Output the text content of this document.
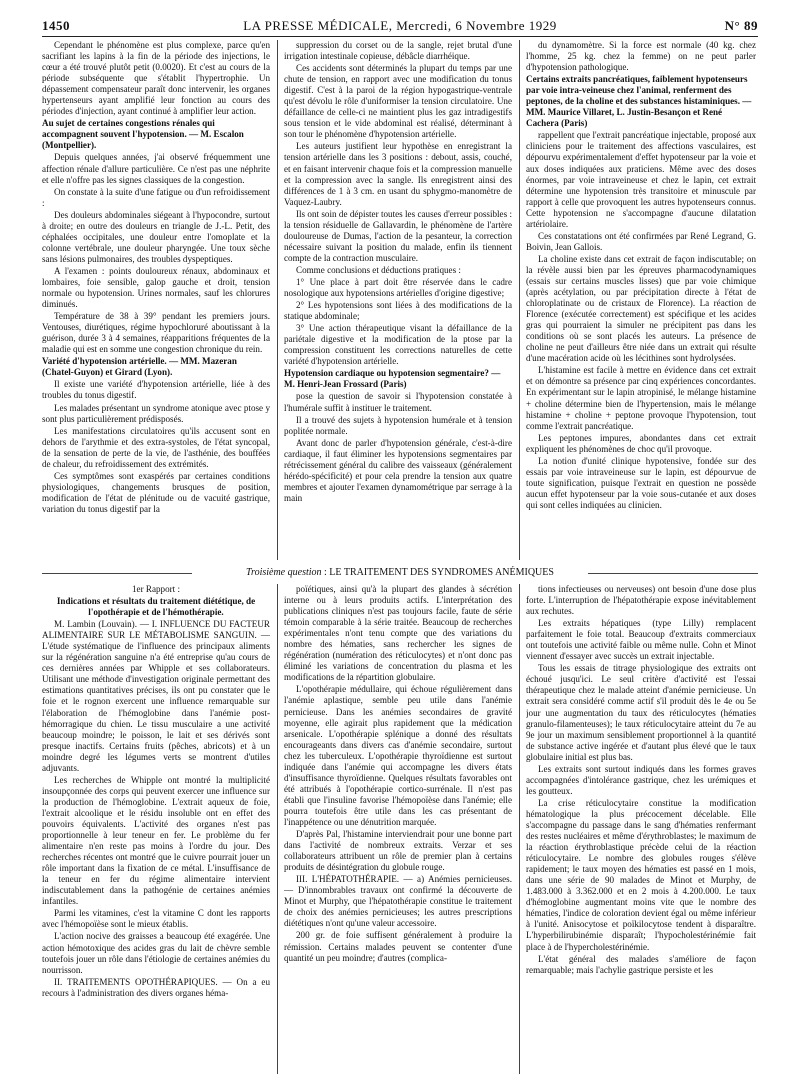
1450	LA PRESSE MÉDICALE, Mercredi, 6 Novembre 1929	N° 89

Cependant le phénomène est plus complexe, parce qu'en sacrifiant les lapins à la fin de la période des injections, le cœur a été trouvé plutôt petit (0.0020). Et c'est au cours de la période subséquente que s'établit l'hypertrophie. Un dépassement compensateur paraît donc intervenir, les organes hypertenseurs ayant amplifié leur fonction au cours des périodes d'injection, ayant continué à amplifier leur action.

Au sujet de certaines congestions rénales qui accompagnent souvent l'hypotension. — M. Escalon (Montpellier).

Depuis quelques années, j'ai observé fréquemment une affection rénale d'allure particulière. Ce n'est pas une néphrite et elle n'offre pas les signes classiques de la congestion.

On constate à la suite d'une fatigue ou d'un refroidissement :

Des douleurs abdominales siégeant à l'hypocondre, surtout à droite; en outre des douleurs en triangle de J.-L. Petit, des céphalées occipitales, une douleur entre l'omoplate et la colonne vertébrale, une douleur pharyngée. Une toux sèche sans lésions pulmonaires, des troubles dyspeptiques.

A l'examen : points douloureux rénaux, abdominaux et lombaires, foie sensible, galop gauche et droit, tension normale ou hypotension. Urines normales, sauf les chlorures diminués.

Température de 38 à 39° pendant les premiers jours. Ventouses, diurétiques, régime hypochloruré aboutissant à la guérison, durée 3 à 4 semaines, réapparitions fréquentes de la maladie qui est en somme une congestion chronique du rein.

Variété d'hypotension artérielle. — MM. Mazeran (Chatel-Guyon) et Girard (Lyon).

Il existe une variété d'hypotension artérielle, liée à des troubles du tonus digestif.

Les malades présentant un syndrome atonique avec ptose y sont plus particulièrement prédisposés.

Les manifestations circulatoires qu'ils accusent sont en dehors de l'arythmie et des extra-systoles, de l'état syncopal, de la sensation de perte de la vie, de l'asthénie, des bouffées de chaleur, du refroidissement des extrémités.

Ces symptômes sont exaspérés par certaines conditions physiologiques, changements brusques de position, modification de l'état de plénitude ou de vacuité gastrique, variation du tonus digestif par la

suppression du corset ou de la sangle, rejet brutal d'une irrigation intestinale copieuse, débâcle diarrhéique.

Ces accidents sont déterminés la plupart du temps par une chute de tension, en rapport avec une modification du tonus digestif. C'est à la paroi de la région hypogastrique-ventrale qu'est dévolu le rôle d'uniformiser la tension circulatoire. Une défaillance de celle-ci ne maintient plus les gaz intradigestifs sous tension et le vide abdominal est réalisé, déterminant à son tour le phénomène d'hypotension artérielle.

Les auteurs justifient leur hypothèse en enregistrant la tension artérielle dans les 3 positions : debout, assis, couché, et en faisant intervenir chaque fois et la compression manuelle et la compression avec la sangle. Ils enregistrent ainsi des différences de 1 à 3 cm. en usant du sphygmo-manomètre de Vaquez-Laubry.

Ils ont soin de dépister toutes les causes d'erreur possibles : la tension résiduelle de Gallavardin, le phénomène de l'artère douloureuse de Dumas, l'action de la pesanteur, la correction nécessaire suivant la position du malade, enfin ils tiennent compte de la contraction musculaire.

Comme conclusions et déductions pratiques :

1° Une place à part doit être réservée dans le cadre nosologique aux hypotensions artérielles d'origine digestive;

2° Les hypotensions sont liées à des modifications de la statique abdominale;

3° Une action thérapeutique visant la défaillance de la pariétale digestive et la modification de la ptose par la compression constituent les corrections naturelles de cette variété d'hypotension artérielle.

Hypotension cardiaque ou hypotension segmentaire? — M. Henri-Jean Frossard (Paris)

pose la question de savoir si l'hypotension constatée à l'humérale suffit à instituer le traitement.

Il a trouvé des sujets à hypotension humérale et à tension poplitée normale.

Avant donc de parler d'hypotension générale, c'est-à-dire cardiaque, il faut éliminer les hypotensions segmentaires par rétrécissement général du calibre des vaisseaux (généralement hérédo-spécificité) et pour cela prendre la tension aux quatre membres et ajouter l'examen dynamométrique par serrage à la main

du dynamomètre. Si la force est normale (40 kg. chez l'homme, 25 kg. chez la femme) on ne peut parler d'hypotension pathologique.

Certains extraits pancréatiques, faiblement hypotenseurs par voie intra-veineuse chez l'animal, renferment des peptones, de la choline et des substances histaminiques. — MM. Maurice Villaret, L. Justin-Besançon et René Cachera (Paris)

rappellent que l'extrait pancréatique injectable, proposé aux cliniciens pour le traitement des affections vasculaires, est dépourvu expérimentalement d'effet hypotenseur par la voie et aux doses indiquées aux praticiens. Même avec des doses énormes, par voie intraveineuse et chez le lapin, cet extrait détermine une hypotension très transitoire et minuscule par rapport à celle que provoquent les autres hypotenseurs connus. Cette hypotension ne s'accompagne d'aucune dilatation artériolaire.

Ces constatations ont été confirmées par René Legrand, G. Boivin, Jean Gallois.

La choline existe dans cet extrait de façon indiscutable; on la révèle aussi bien par les épreuves pharmacodynamiques (essais sur certains muscles lisses) que par voie chimique (après acétylation, ou par précipitation directe à l'état de chloroplatinate ou de cristaux de Florence). La réaction de Florence (exécutée correctement) est spécifique et les acides gras qui pourraient la simuler ne précipitent pas dans les conditions où se sont placés les auteurs. La présence de choline ne peut d'ailleurs être niée dans un extrait qui résulte d'une macération acide où les lécithines sont hydrolysées.

L'histamine est facile à mettre en évidence dans cet extrait et on démontre sa présence par cinq expériences concordantes. En expérimentant sur le lapin atropinisé, le mélange histamine + choline détermine bien de l'hypertension, mais le mélange histamine + choline + peptone provoque l'hypotension, tout comme l'extrait pancréatique.

Les peptones impures, abondantes dans cet extrait expliquent les phénomènes de choc qu'il provoque.

La notion d'unité clinique hypotensive, fondée sur des essais par voie intraveineuse sur le lapin, est dépourvue de toute signification, puisque l'extrait en question ne possède aucun effet hypotenseur par la voie sous-cutanée et aux doses qui sont celles indiquées au clinicien.

Troisième question : LE TRAITEMENT DES SYNDROMES ANÉMIQUES

1er Rapport :

Indications et résultats du traitement diététique, de l'opothérapie et de l'hémothérapie.

M. Lambin (Louvain). — I. INFLUENCE DU FACTEUR ALIMENTAIRE SUR LE MÉTABOLISME SANGUIN. — L'étude systématique de l'influence des principaux aliments sur la régénération sanguine n'a été entreprise qu'au cours de ces dernières années par Whipple et ses collaborateurs. Utilisant une méthode d'investigation originale permettant des estimations quantitatives précises, ils ont pu constater que le foie et le rognon exercent une influence remarquable sur l'élaboration de l'hémoglobine dans l'anémie post-hémorragique du chien. Le tissu musculaire a une activité beaucoup moindre; le poisson, le lait et ses dérivés sont presque inactifs. Certains fruits (pêches, abricots) et à un moindre degré les légumes verts se montrent d'utiles adjuvants.

Les recherches de Whipple ont montré la multiplicité insoupçonnée des corps qui peuvent exercer une influence sur la production de l'hémoglobine. L'extrait aqueux de foie, l'extrait alcoolique et le résidu insoluble ont en effet des pouvoirs équivalents. L'activité des organes n'est pas proportionnelle à leur teneur en fer. Le problème du fer alimentaire n'en reste pas moins à l'ordre du jour. Des recherches récentes ont montré que le cuivre pourrait jouer un rôle important dans la fixation de ce métal. L'insuffisance de la teneur en fer du régime alimentaire intervient indiscutablement dans la pathogénie de certaines anémies infantiles.

Parmi les vitamines, c'est la vitamine C dont les rapports avec l'hémopoïèse sont le mieux établis.

L'action nocive des graisses a beaucoup été exagérée. Une action hémotoxique des acides gras du lait de chèvre semble toutefois jouer un rôle dans l'étiologie de certaines anémies du nourrisson.

II. TRAITEMENTS OPOTHÉRAPIQUES. — On a eu recours à l'administration des divers organes héma-

poïétiques, ainsi qu'à la plupart des glandes à sécrétion interne ou à leurs produits actifs. L'interprétation des publications cliniques n'est pas toujours facile, faute de série témoin comparable à la série traitée. Beaucoup de recherches expérimentales n'ont tenu compte que des variations du nombre des hématies, sans rechercher les signes de régénération (numération des réticulocytes) et n'ont donc pas éliminé les variations de concentration du plasma et les modifications de la répartition globulaire.

L'opothérapie médullaire, qui échoue régulièrement dans l'anémie aplastique, semble peu utile dans l'anémie pernicieuse. Dans les anémies secondaires de gravité moyenne, elle agirait plus rapidement que la médication arsenicale. L'opothérapie splénique a donné des résultats encourageants dans divers cas d'anémie secondaire, surtout chez les tuberculeux. L'opothérapie thyroïdienne est surtout indiquée dans l'anémie qui accompagne les divers états d'insuffisance thyroïdienne. Quelques résultats favorables ont été attribués à l'opothérapie cortico-surrénale. Il n'est pas établi que l'insuline favorise l'hémopoïèse dans l'anémie; elle pourra toutefois être utile dans les cas présentant de l'inappétence ou une dénutrition marquée.

D'après Pal, l'histamine interviendrait pour une bonne part dans l'activité de nombreux extraits. Verzar et ses collaborateurs attribuent un rôle de premier plan à certains produits de désintégration du globule rouge.

III. L'HÉPATOTHÉRAPIE. — a) Anémies pernicieuses. — D'innombrables travaux ont confirmé la découverte de Minot et Murphy, que l'hépatothérapie constitue le traitement de choix des anémies pernicieuses; les autres prescriptions diététiques n'ont qu'une valeur accessoire.

200 gr. de foie suffisent généralement à produire la rémission. Certains malades peuvent se contenter d'une quantité un peu moindre; d'autres (complica-

tions infectieuses ou nerveuses) ont besoin d'une dose plus forte. L'interruption de l'hépatothérapie expose inévitablement aux rechutes.

Les extraits hépatiques (type Lilly) remplacent parfaitement le foie total. Beaucoup d'extraits commerciaux ont toutefois une activité faible ou même nulle. Cohn et Minot viennent d'essayer avec succès un extrait injectable.

Tous les essais de titrage physiologique des extraits ont échoué jusqu'ici. Le seul critère d'activité est l'essai thérapeutique chez le malade atteint d'anémie pernicieuse. Un extrait sera considéré comme actif s'il produit dès le 4e ou 5e jour une augmentation du taux des réticulocytes (hématies granulo-filamenteuses); le taux réticulocytaire atteint du 7e au 9e jour un maximum sensiblement proportionnel à la quantité de substance active ingérée et d'autant plus élevé que le taux globulaire initial est plus bas.

Les extraits sont surtout indiqués dans les formes graves accompagnées d'intolérance gastrique, chez les urémiques et les goutteux.

La crise réticulocytaire constitue la modification hématologique la plus précocement décelable. Elle s'accompagne du passage dans le sang d'hématies renfermant des restes nucléaires et même d'érythroblastes; le maximum de la réaction érythroblastique précède celui de la réaction réticulocytaire. Le nombre des globules rouges s'élève rapidement; le taux moyen des hématies est passé en 1 mois, dans une série de 90 malades de Minot et Murphy, de 1.483.000 à 3.362.000 et en 2 mois à 4.200.000. Le taux d'hémoglobine augmentant moins vite que le nombre des hématies, l'indice de coloration devient égal ou même inférieur à l'unité. Anisocytose et poïkilocytose tendent à disparaître. L'hyperbilirubinémie disparaît; l'hypocholestérinémie fait place à de l'hypercholestérinémie.

L'état général des malades s'améliore de façon remarquable; mais l'achylie gastrique persiste et les
